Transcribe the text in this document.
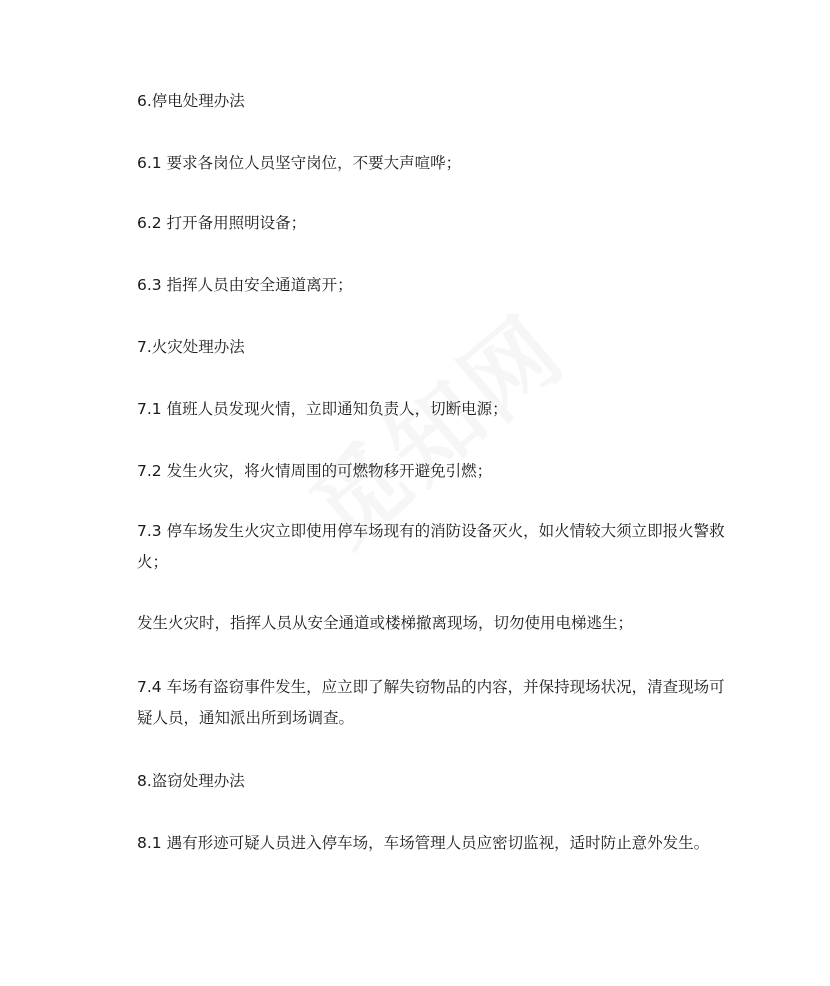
6.停电处理办法

6.1 要求各岗位人员坚守岗位，不要大声喧哗；

6.2 打开备用照明设备；

6.3 指挥人员由安全通道离开；

7.火灾处理办法

7.1 值班人员发现火情，立即通知负责人，切断电源；

7.2 发生火灾，将火情周围的可燃物移开避免引燃；

7.3 停车场发生火灾立即使用停车场现有的消防设备灭火，如火情较大须立即报火警救火；

发生火灾时，指挥人员从安全通道或楼梯撤离现场，切勿使用电梯逃生；

7.4 车场有盗窃事件发生，应立即了解失窃物品的内容，并保持现场状况，清查现场可疑人员，通知派出所到场调查。

8.盗窃处理办法

8.1 遇有形迹可疑人员进入停车场，车场管理人员应密切监视，适时防止意外发生。
